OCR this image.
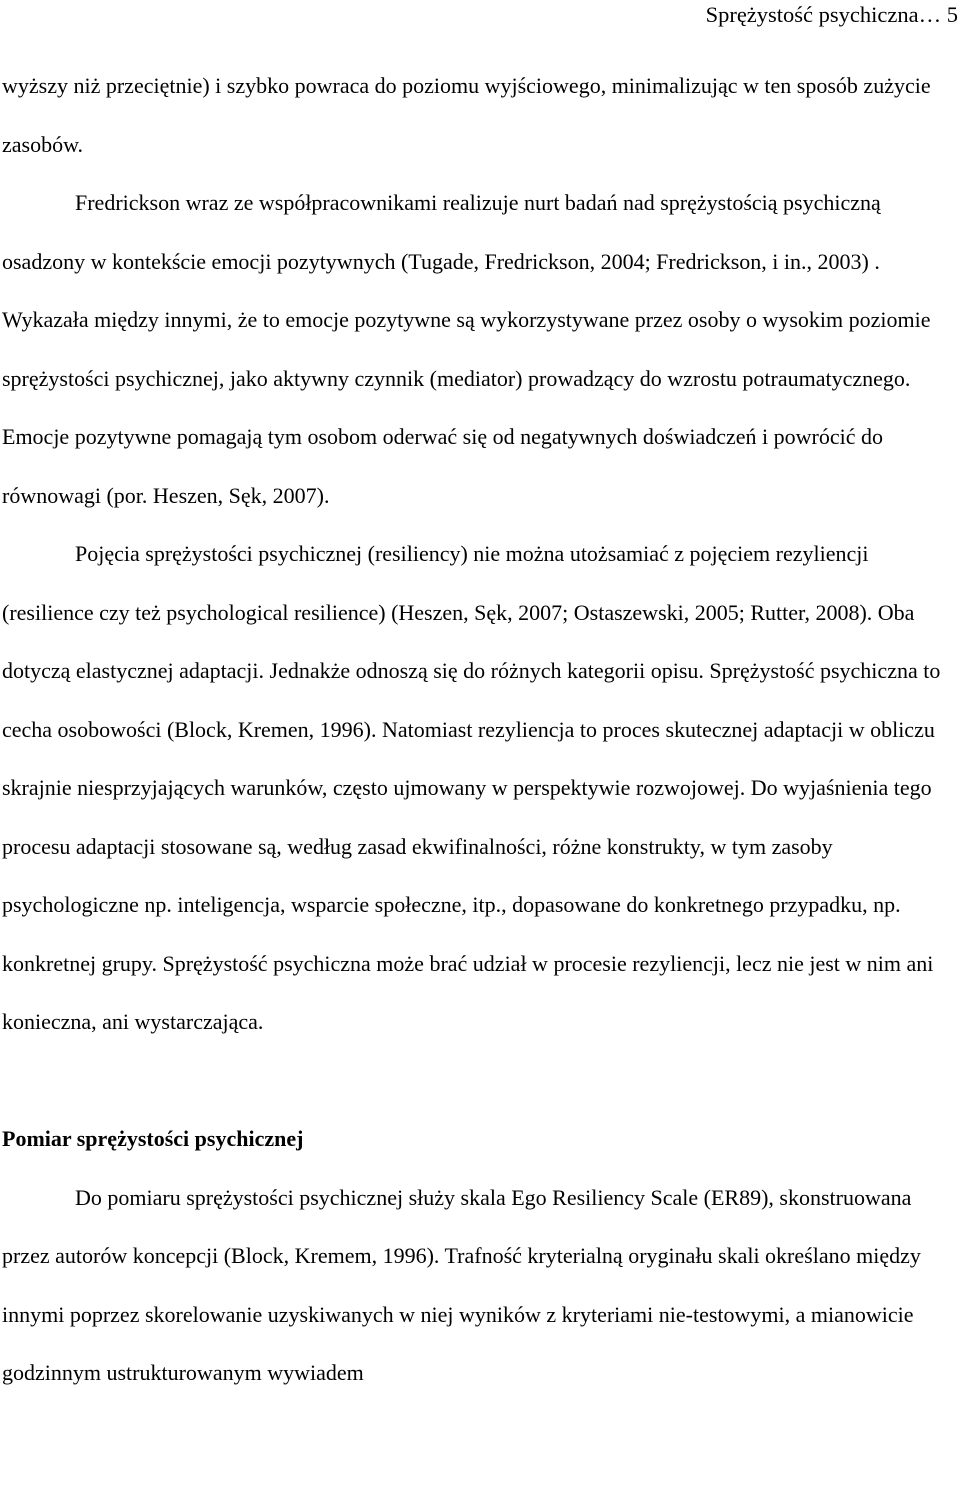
Sprężystość psychiczna… 5

wyższy niż przeciętnie) i szybko powraca do poziomu wyjściowego, minimalizując w ten sposób zużycie zasobów.

Fredrickson wraz ze współpracownikami realizuje nurt badań nad sprężystością psychiczną osadzony w kontekście emocji pozytywnych (Tugade, Fredrickson, 2004; Fredrickson, i in., 2003) . Wykazała między innymi, że to emocje pozytywne są wykorzystywane przez osoby o wysokim poziomie sprężystości psychicznej, jako aktywny czynnik (mediator) prowadzący do wzrostu potraumatycznego. Emocje pozytywne pomagają tym osobom oderwać się od negatywnych doświadczeń i powrócić do równowagi (por. Heszen, Sęk, 2007).

Pojęcia sprężystości psychicznej (resiliency) nie można utożsamiać z pojęciem rezyliencji (resilience czy też psychological resilience) (Heszen, Sęk, 2007; Ostaszewski, 2005; Rutter, 2008). Oba dotyczą elastycznej adaptacji. Jednakże odnoszą się do różnych kategorii opisu. Sprężystość psychiczna to cecha osobowości (Block, Kremen, 1996). Natomiast rezyliencja to proces skutecznej adaptacji w obliczu skrajnie niesprzyjających warunków, często ujmowany w perspektywie rozwojowej. Do wyjaśnienia tego procesu adaptacji stosowane są, według zasad ekwifinalności, różne konstrukty, w tym zasoby psychologiczne np. inteligencja, wsparcie społeczne, itp., dopasowane do konkretnego przypadku, np. konkretnej grupy. Sprężystość psychiczna może brać udział w procesie rezyliencji, lecz nie jest w nim ani konieczna, ani wystarczająca.

Pomiar sprężystości psychicznej

Do pomiaru sprężystości psychicznej służy skala Ego Resiliency Scale (ER89), skonstruowana przez autorów koncepcji (Block, Kremem, 1996). Trafność kryterialną oryginału skali określano między innymi poprzez skorelowanie uzyskiwanych w niej wyników z kryteriami nie-testowymi, a mianowicie godzinnym ustrukturowanym wywiadem
